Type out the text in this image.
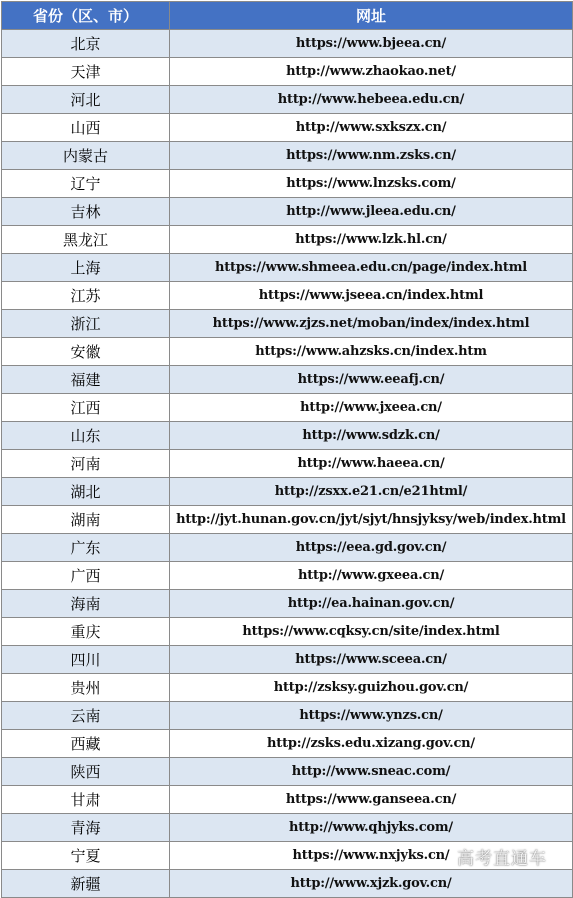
省份（区、市）	网址
北京	https://www.bjeea.cn/
天津	http://www.zhaokao.net/
河北	http://www.hebeea.edu.cn/
山西	http://www.sxkszx.cn/
内蒙古	https://www.nm.zsks.cn/
辽宁	https://www.lnzsks.com/
吉林	http://www.jleea.edu.cn/
黑龙江	https://www.lzk.hl.cn/
上海	https://www.shmeea.edu.cn/page/index.html
江苏	https://www.jseea.cn/index.html
浙江	https://www.zjzs.net/moban/index/index.html
安徽	https://www.ahzsks.cn/index.htm
福建	https://www.eeafj.cn/
江西	http://www.jxeea.cn/
山东	http://www.sdzk.cn/
河南	http://www.haeea.cn/
湖北	http://zsxx.e21.cn/e21html/
湖南	http://jyt.hunan.gov.cn/jyt/sjyt/hnsjyksy/web/index.html
广东	https://eea.gd.gov.cn/
广西	http://www.gxeea.cn/
海南	http://ea.hainan.gov.cn/
重庆	https://www.cqksy.cn/site/index.html
四川	https://www.sceea.cn/
贵州	http://zsksy.guizhou.gov.cn/
云南	https://www.ynzs.cn/
西藏	http://zsks.edu.xizang.gov.cn/
陕西	http://www.sneac.com/
甘肃	https://www.ganseea.cn/
青海	http://www.qhjyks.com/
宁夏	https://www.nxjyks.cn/
新疆	http://www.xjzk.gov.cn/
高考直通车
